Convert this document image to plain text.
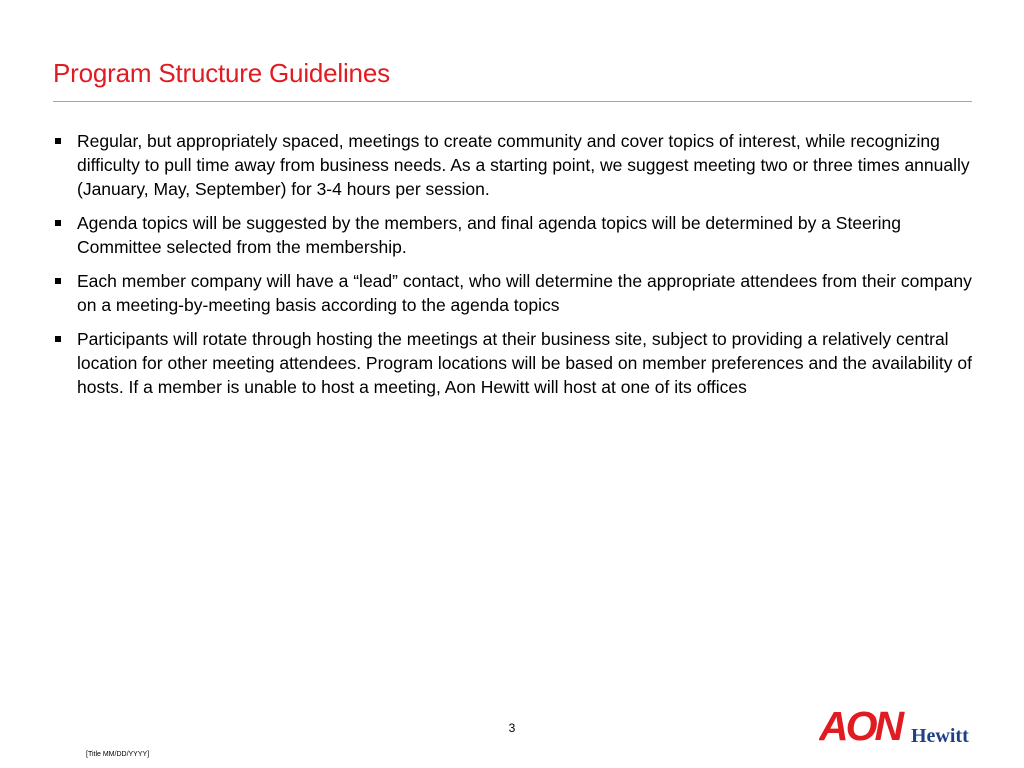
Program Structure Guidelines
Regular, but appropriately spaced, meetings to create community and cover topics of interest, while recognizing difficulty to pull time away from business needs. As a starting point, we suggest meeting two or three times annually (January, May, September) for 3-4 hours per session.
Agenda topics will be suggested by the members, and final agenda topics will be determined by a Steering Committee selected from the membership.
Each member company will have a “lead” contact, who will determine the appropriate attendees from their company on a meeting-by-meeting basis according to the agenda topics
Participants will rotate through hosting the meetings at their business site, subject to providing a relatively central location for other meeting attendees. Program locations will be based on member preferences and the availability of hosts. If a member is unable to host a meeting, Aon Hewitt will host at one of its offices
3
[Title MM/DD/YYYY]
AON Hewitt
